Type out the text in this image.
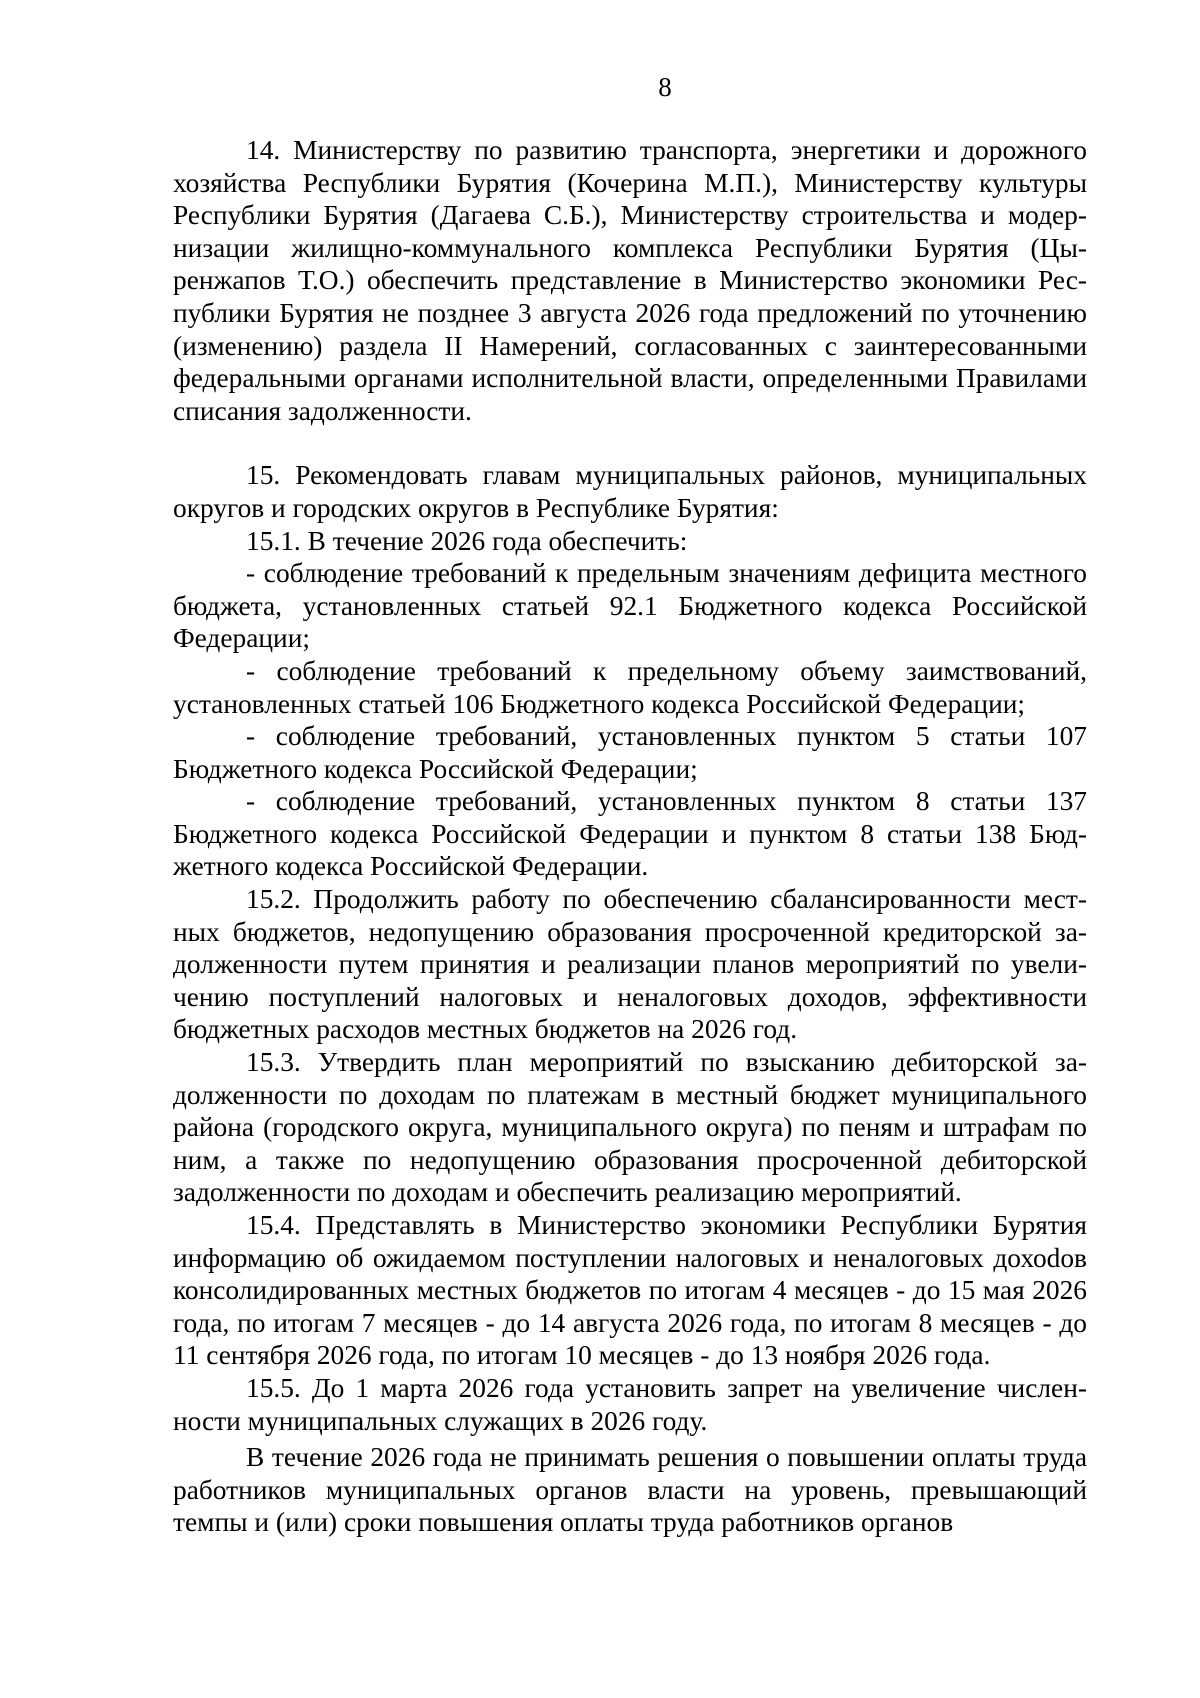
8

14. Министерству по развитию транспорта, энергетики и дорожного хозяйства Республики Бурятия (Кочерина М.П.), Министерству культуры Республики Бурятия (Дагаева С.Б.), Министерству строительства и модернизации жилищно-коммунального комплекса Республики Бурятия (Цыренжапов Т.О.) обеспечить представление в Министерство экономики Республики Бурятия не позднее 3 августа 2026 года предложений по уточнению (изменению) раздела II Намерений, согласованных с заинтересованными федеральными органами исполнительной власти, определенными Правилами списания задолженности.

15. Рекомендовать главам муниципальных районов, муниципальных округов и городских округов в Республике Бурятия:

15.1. В течение 2026 года обеспечить:

- соблюдение требований к предельным значениям дефицита местного бюджета, установленных статьей 92.1 Бюджетного кодекса Российской Федерации;

- соблюдение требований к предельному объему заимствований, установленных статьей 106 Бюджетного кодекса Российской Федерации;

- соблюдение требований, установленных пунктом 5 статьи 107 Бюджетного кодекса Российской Федерации;

- соблюдение требований, установленных пунктом 8 статьи 137 Бюджетного кодекса Российской Федерации и пунктом 8 статьи 138 Бюджетного кодекса Российской Федерации.

15.2. Продолжить работу по обеспечению сбалансированности местных бюджетов, недопущению образования просроченной кредиторской задолженности путем принятия и реализации планов мероприятий по увеличению поступлений налоговых и неналоговых доходов, эффективности бюджетных расходов местных бюджетов на 2026 год.

15.3. Утвердить план мероприятий по взысканию дебиторской задолженности по доходам по платежам в местный бюджет муниципального района (городского округа, муниципального округа) по пеням и штрафам по ним, а также по недопущению образования просроченной дебиторской задолженности по доходам и обеспечить реализацию мероприятий.

15.4. Представлять в Министерство экономики Республики Бурятия информацию об ожидаемом поступлении налоговых и неналоговых дохоdов консолидированных местных бюджетов по итогам 4 месяцев - до 15 мая 2026 года, по итогам 7 месяцев - до 14 августа 2026 года, по итогам 8 месяцев - до 11 сентября 2026 года, по итогам 10 месяцев - до 13 ноября 2026 года.

15.5. До 1 марта 2026 года установить запрет на увеличение численности муниципальных служащих в 2026 году.

В течение 2026 года не принимать решения о повышении оплаты труда работников муниципальных органов власти на уровень, превышающий темпы и (или) сроки повышения оплаты труда работников органов
